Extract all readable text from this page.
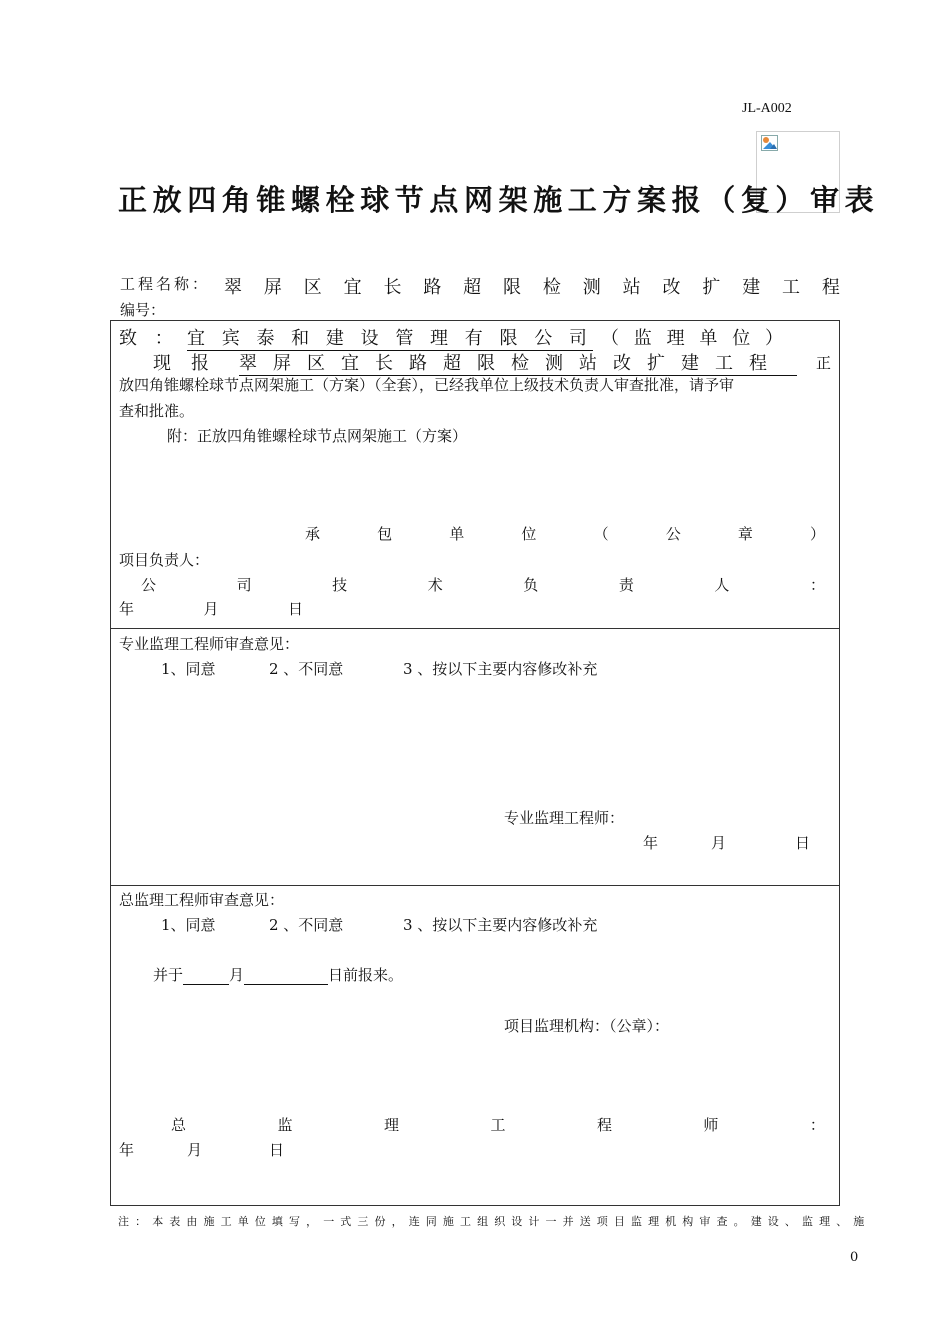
JL-A002
正放四角锥螺栓球节点网架施工方案报（复）审表
工程名称： 翠 屏 区 宜 长 路 超 限 检 测 站 改 扩 建 工 程
编号：
致 ： 宜 宾 泰 和 建 设 管 理 有 限 公 司 （ 监 理 单 位 ）
现 报 翠 屏 区 宜 长 路 超 限 检 测 站 改 扩 建 工 程	正
放四角锥螺栓球节点网架施工（方案）（全套），已经我单位上级技术负责人审查批准，请予审
查和批准。
附：正放四角锥螺栓球节点网架施工（方案）
承	包	单	位	（	公	章	）
项目负责人：
公	司	技	术	负	责	人	：
年	月	日
专业监理工程师审查意见：
1、同意	2 、不同意	3 、按以下主要内容修改补充
专业监理工程师：
年	月	日
总监理工程师审查意见：
1、同意	2 、不同意	3 、按以下主要内容修改补充
并于	月	日前报来。
项目监理机构：（公章）：
总	监	理	工	程	师	：
年	月	日
注：本表由施工单位填写，一式三份，连同施工组织设计一并送项目监理机构审查。建设、监理、施
0
